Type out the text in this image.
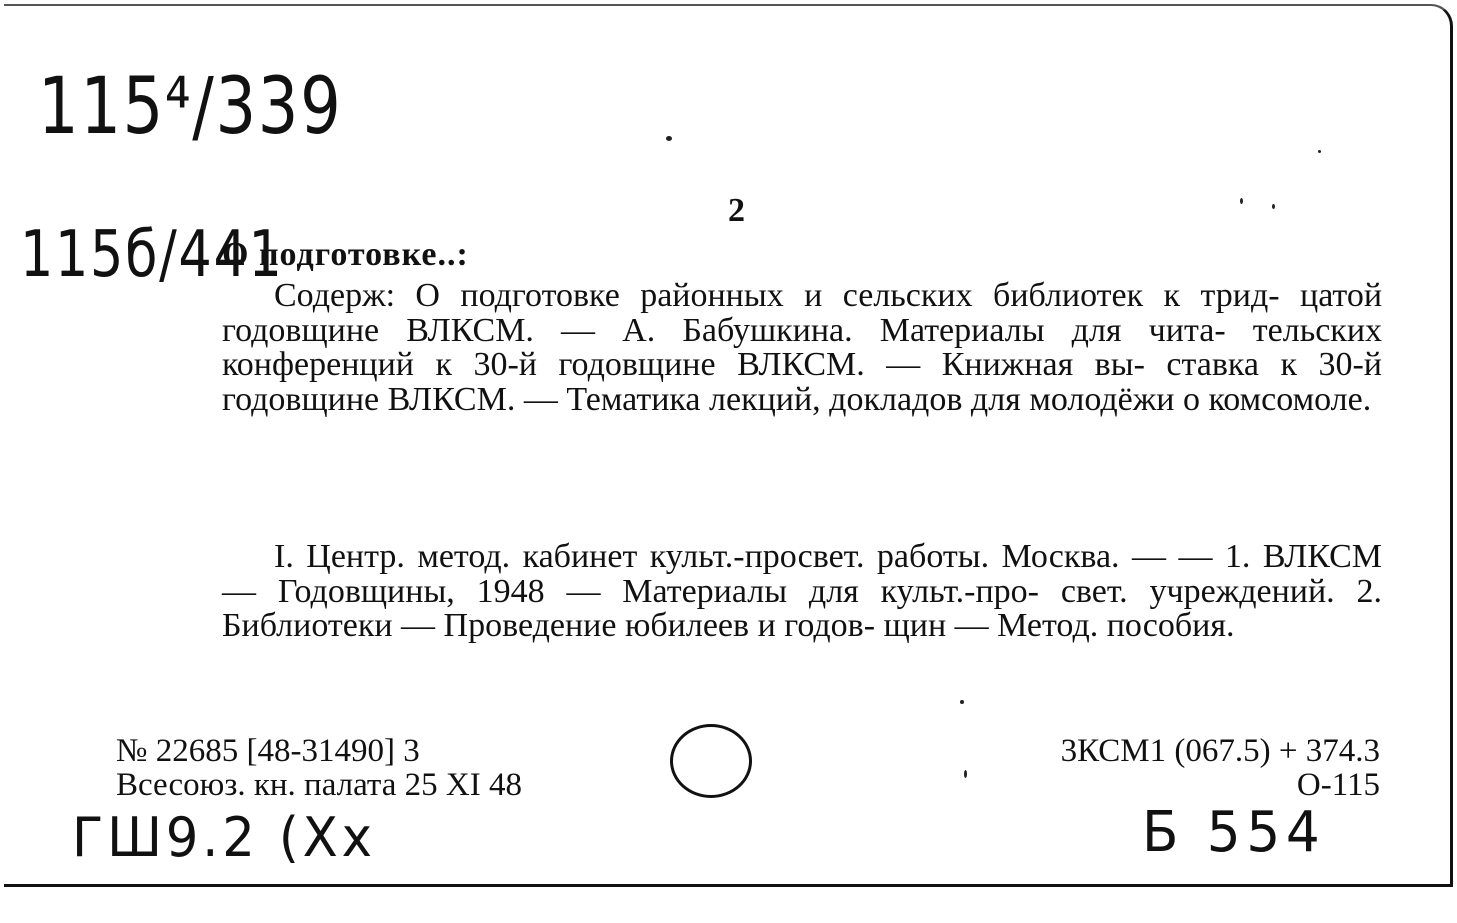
115⁴/339
115б/441
2
О подготовке..:
Содерж: О подготовке районных и сельских библиотек к трид- цатой годовщине ВЛКСМ. — А. Бабушкина. Материалы для чита- тельских конференций к 30-й годовщине ВЛКСМ. — Книжная вы- ставка к 30-й годовщине ВЛКСМ. — Тематика лекций, докладов для молодёжи о комсомоле.
I. Центр. метод. кабинет культ.-просвет. работы. Москва. — — 1. ВЛКСМ — Годовщины, 1948 — Материалы для культ.-про- свет. учреждений. 2. Библиотеки — Проведение юбилеев и годов- щин — Метод. пособия.
№ 22685 [48-31490] 3
Всесоюз. кн. палата 25 XI 48
3КСМ1 (067.5) + 374.3
О-115
ГШ9.2 (Хх	Б 554
